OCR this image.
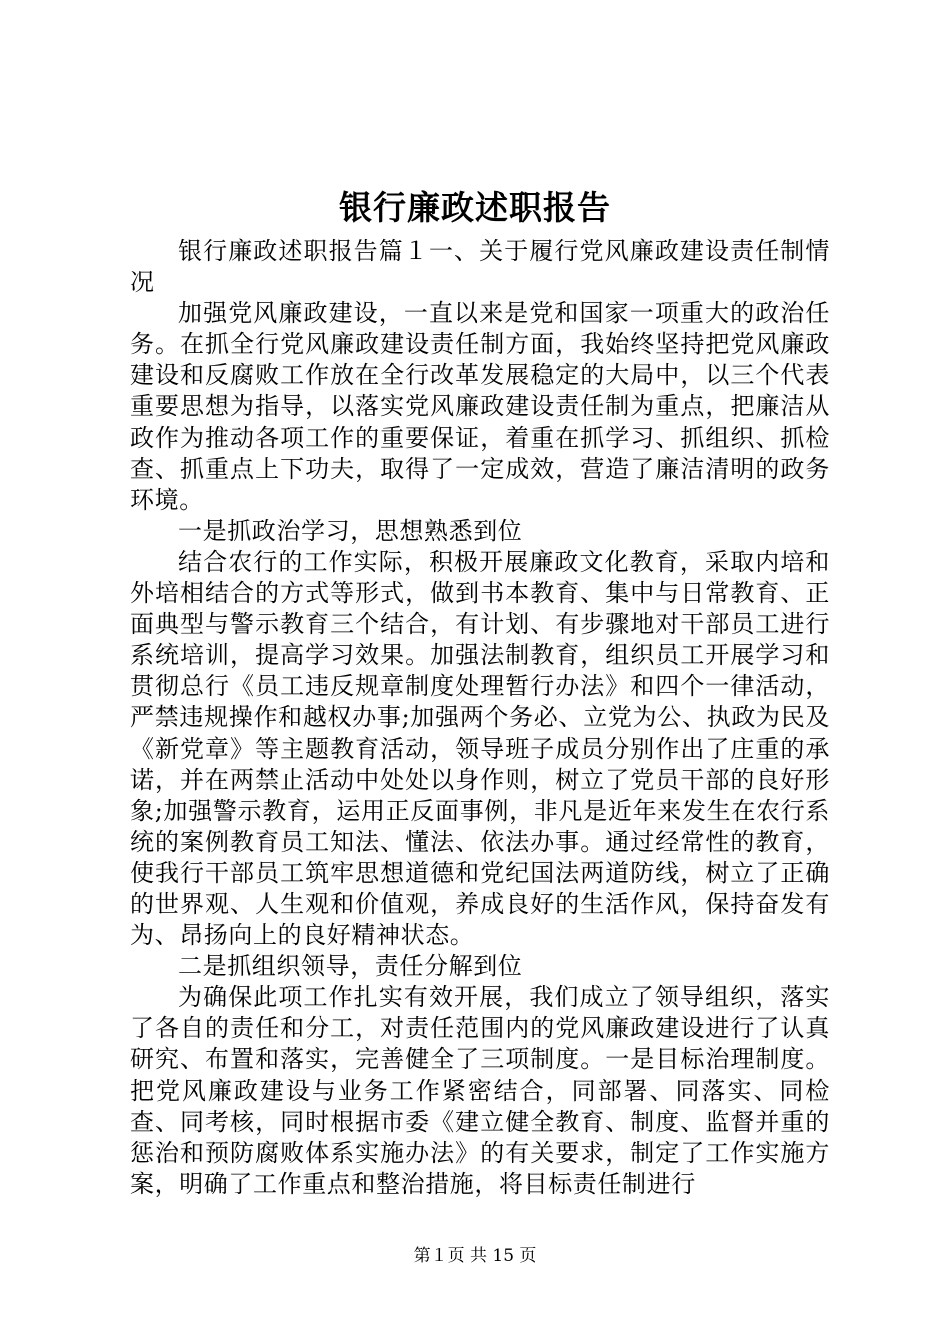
银行廉政述职报告

银行廉政述职报告篇１一、关于履行党风廉政建设责任制情况

加强党风廉政建设，一直以来是党和国家一项重大的政治任务。在抓全行党风廉政建设责任制方面，我始终坚持把党风廉政建设和反腐败工作放在全行改革发展稳定的大局中，以三个代表重要思想为指导，以落实党风廉政建设责任制为重点，把廉洁从政作为推动各项工作的重要保证，着重在抓学习、抓组织、抓检查、抓重点上下功夫，取得了一定成效，营造了廉洁清明的政务环境。

一是抓政治学习，思想熟悉到位

结合农行的工作实际，积极开展廉政文化教育，采取内培和外培相结合的方式等形式，做到书本教育、集中与日常教育、正面典型与警示教育三个结合，有计划、有步骤地对干部员工进行系统培训，提高学习效果。加强法制教育，组织员工开展学习和贯彻总行《员工违反规章制度处理暂行办法》和四个一律活动，严禁违规操作和越权办事;加强两个务必、立党为公、执政为民及《新党章》等主题教育活动，领导班子成员分别作出了庄重的承诺，并在两禁止活动中处处以身作则，树立了党员干部的良好形象;加强警示教育，运用正反面事例，非凡是近年来发生在农行系统的案例教育员工知法、懂法、依法办事。通过经常性的教育，使我行干部员工筑牢思想道德和党纪国法两道防线，树立了正确的世界观、人生观和价值观，养成良好的生活作风，保持奋发有为、昂扬向上的良好精神状态。

二是抓组织领导，责任分解到位

为确保此项工作扎实有效开展，我们成立了领导组织，落实了各自的责任和分工，对责任范围内的党风廉政建设进行了认真研究、布置和落实，完善健全了三项制度。一是目标治理制度。把党风廉政建设与业务工作紧密结合，同部署、同落实、同检查、同考核，同时根据市委《建立健全教育、制度、监督并重的惩治和预防腐败体系实施办法》的有关要求，制定了工作实施方案，明确了工作重点和整治措施，将目标责任制进行

第１页 共 15 页
